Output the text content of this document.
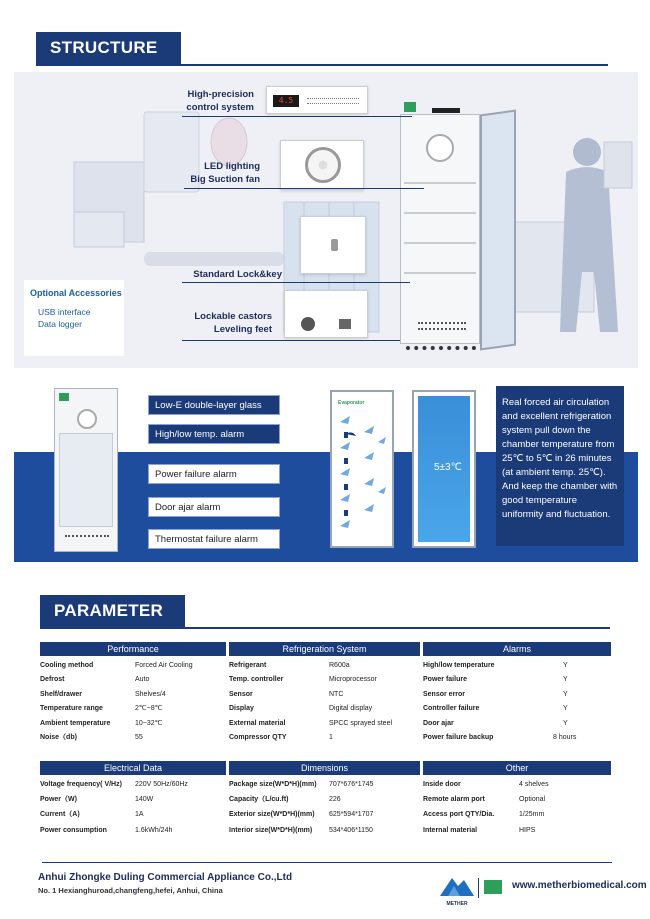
STRUCTURE
4.5
High-precision
control system
LED lighting
Big Suction fan
Standard Lock&key
Lockable castors
Leveling feet
Optional Accessories
USB interface
Data logger
Low-E double-layer glass
High/low temp. alarm
Power failure alarm
Door ajar alarm
Thermostat failure alarm
Evaporator
5±3℃
Real forced air circulation and excellent refrigeration system pull down the chamber temperature from 25℃ to 5℃ in 26 minutes (at ambient temp. 25℃). And keep the chamber with good temperature uniformity and fluctuation.
PARAMETER
Performance	Refrigeration System	Alarms
Cooling method	Forced Air Cooling
Defrost	Auto
Shelf/drawer	Shelves/4
Temperature range	2℃~8℃
Ambient temperature	10~32℃
Noise（db)	55
Refrigerant	R600a
Temp. controller	Microprocessor
Sensor	NTC
Display	Digital display
External material	SPCC sprayed steel
Compressor QTY	1
High/low temperature	Y
Power failure	Y
Sensor error	Y
Controller failure	Y
Door ajar	Y
Power failure backup	8 hours
Electrical Data	Dimensions	Other
Voltage frequency( V/Hz) 220V 50Hz/60Hz
Power（W)	140W
Current（A)	1A
Power consumption	1.6kWh/24h
Package size(W*D*H)(mm) 707*676*1745
Capacity（L/cu.ft)	226
Exterior size(W*D*H)(mm) 625*594*1707
Interior size(W*D*H)(mm) 534*406*1150
Inside door	4 shelves
Remote alarm port	Optional
Access port QTY/Dia.	1/25mm
Internal material	HIPS
Anhui Zhongke Duling Commercial Appliance Co.,Ltd
No. 1 Hexianghuroad,changfeng,hefei, Anhui, China
METHER
www.metherbiomedical.com
